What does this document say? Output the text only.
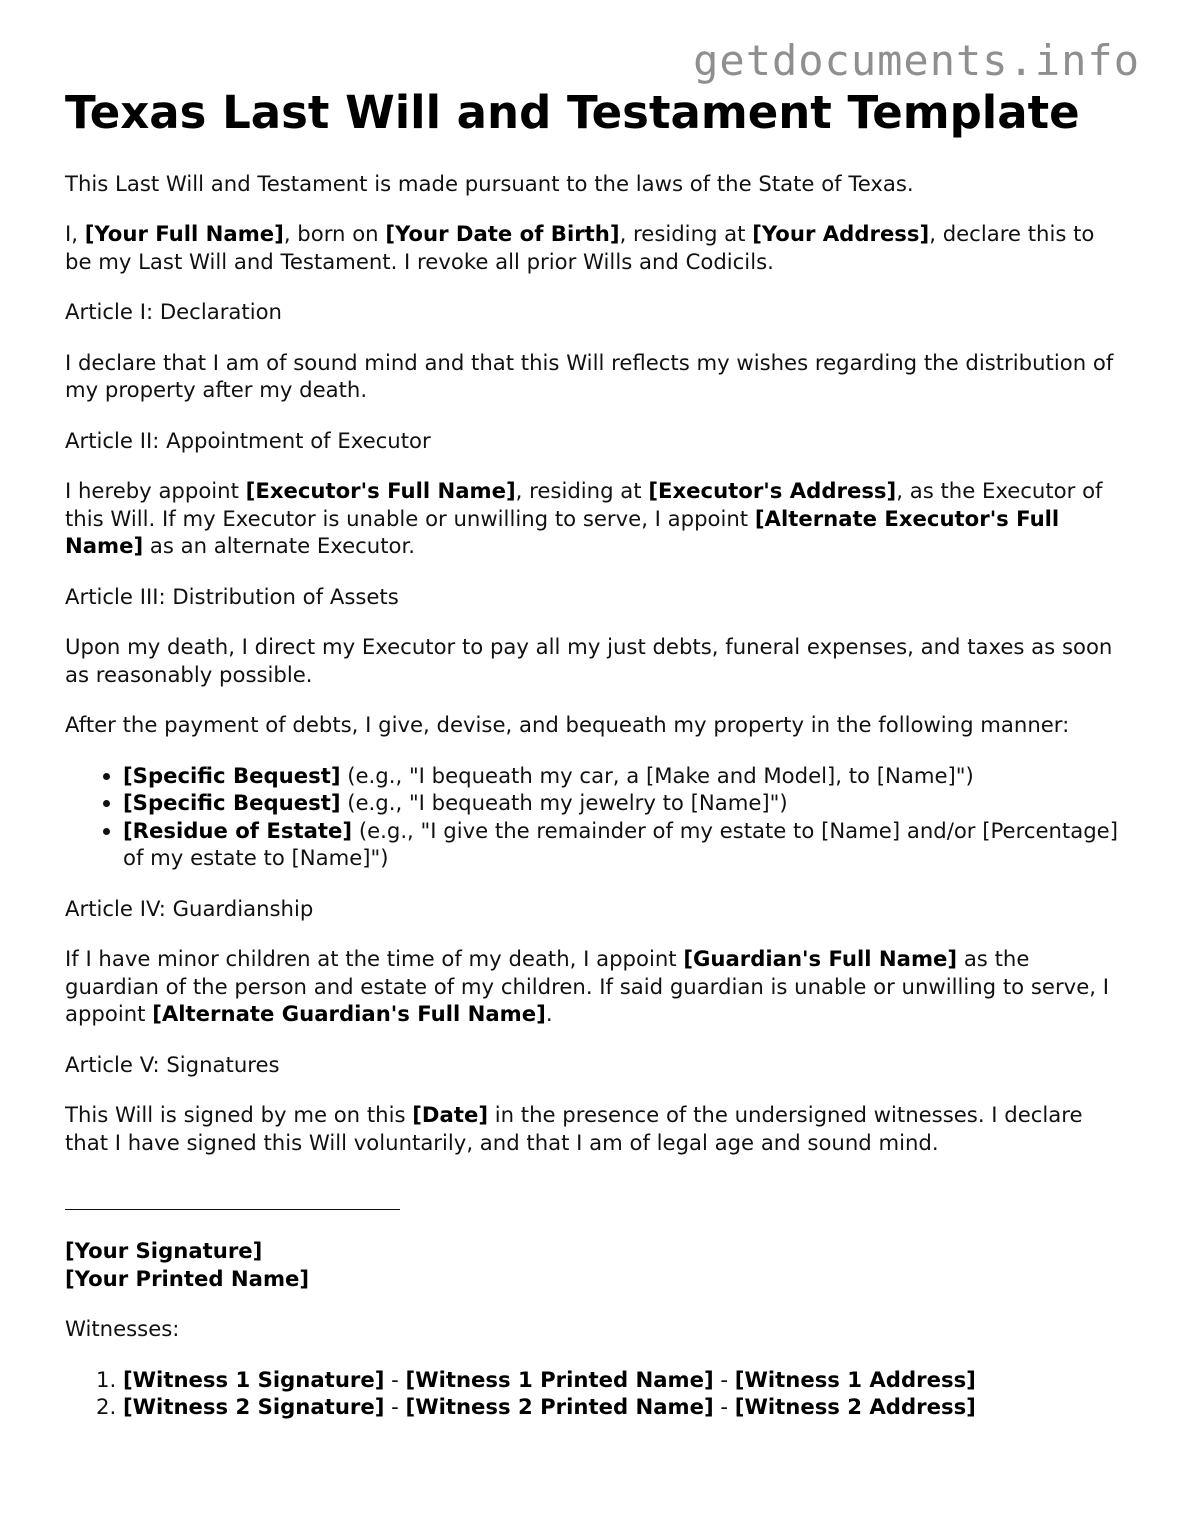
getdocuments.info
Texas Last Will and Testament Template

This Last Will and Testament is made pursuant to the laws of the State of Texas.

I, [Your Full Name], born on [Your Date of Birth], residing at [Your Address], declare this to be my Last Will and Testament. I revoke all prior Wills and Codicils.

Article I: Declaration

I declare that I am of sound mind and that this Will reflects my wishes regarding the distribution of my property after my death.

Article II: Appointment of Executor

I hereby appoint [Executor's Full Name], residing at [Executor's Address], as the Executor of this Will. If my Executor is unable or unwilling to serve, I appoint [Alternate Executor's Full Name] as an alternate Executor.

Article III: Distribution of Assets

Upon my death, I direct my Executor to pay all my just debts, funeral expenses, and taxes as soon as reasonably possible.

After the payment of debts, I give, devise, and bequeath my property in the following manner:

• [Specific Bequest] (e.g., "I bequeath my car, a [Make and Model], to [Name]")
• [Specific Bequest] (e.g., "I bequeath my jewelry to [Name]")
• [Residue of Estate] (e.g., "I give the remainder of my estate to [Name] and/or [Percentage] of my estate to [Name]")

Article IV: Guardianship

If I have minor children at the time of my death, I appoint [Guardian's Full Name] as the guardian of the person and estate of my children. If said guardian is unable or unwilling to serve, I appoint [Alternate Guardian's Full Name].

Article V: Signatures

This Will is signed by me on this [Date] in the presence of the undersigned witnesses. I declare that I have signed this Will voluntarily, and that I am of legal age and sound mind.

[Your Signature]
[Your Printed Name]

Witnesses:

1. [Witness 1 Signature] - [Witness 1 Printed Name] - [Witness 1 Address]
2. [Witness 2 Signature] - [Witness 2 Printed Name] - [Witness 2 Address]
